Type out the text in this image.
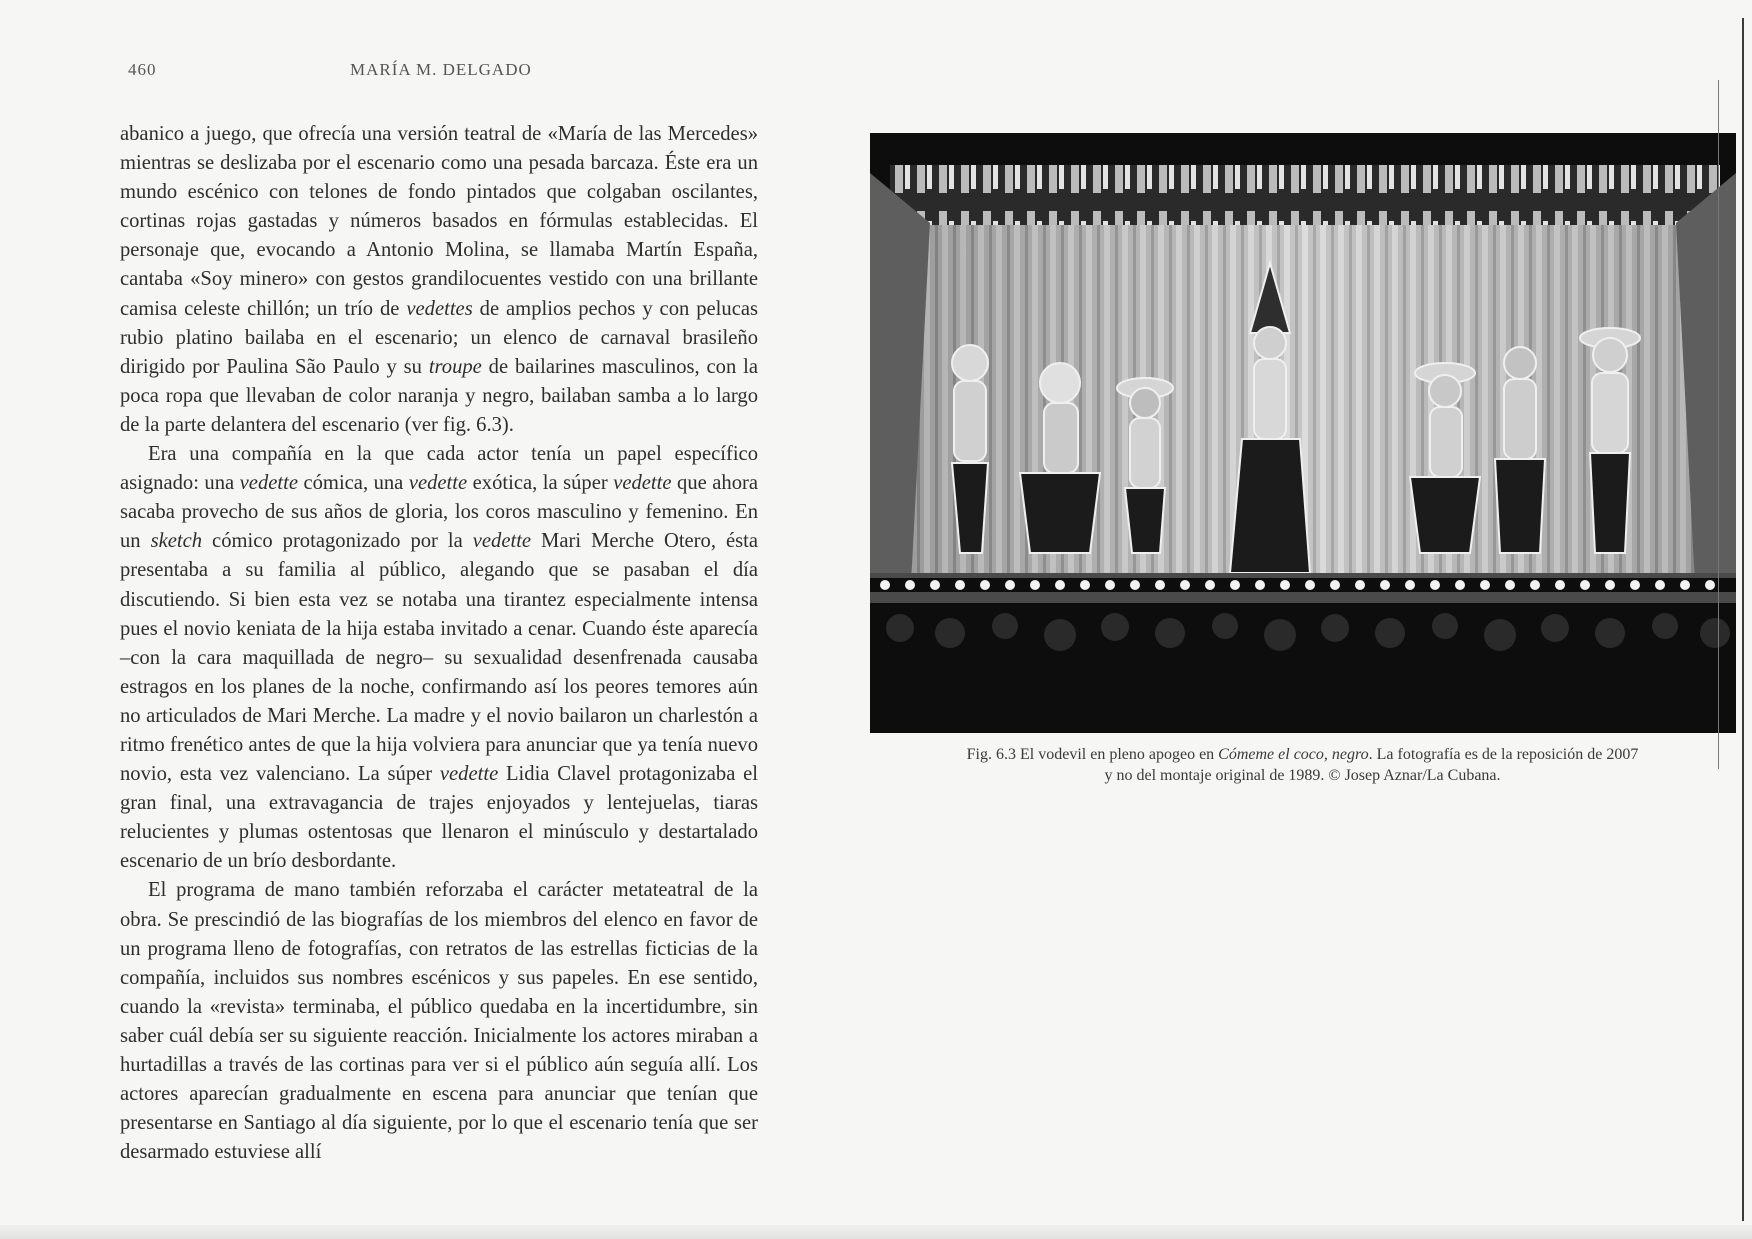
460	MARÍA M. DELGADO

abanico a juego, que ofrecía una versión teatral de «María de las Mercedes» mientras se deslizaba por el escenario como una pesada barcaza. Éste era un mundo escénico con telones de fondo pintados que colgaban oscilantes, cortinas rojas gastadas y números basados en fórmulas establecidas. El personaje que, evocando a Antonio Molina, se llamaba Martín España, cantaba «Soy minero» con gestos grandilocuentes vestido con una brillante camisa celeste chillón; un trío de vedettes de amplios pechos y con pelucas rubio platino bailaba en el escenario; un elenco de carnaval brasileño dirigido por Paulina São Paulo y su troupe de bailarines masculinos, con la poca ropa que llevaban de color naranja y negro, bailaban samba a lo largo de la parte delantera del escenario (ver fig. 6.3).

Era una compañía en la que cada actor tenía un papel específico asignado: una vedette cómica, una vedette exótica, la súper vedette que ahora sacaba provecho de sus años de gloria, los coros masculino y femenino. En un sketch cómico protagonizado por la vedette Mari Merche Otero, ésta presentaba a su familia al público, alegando que se pasaban el día discutiendo. Si bien esta vez se notaba una tirantez especialmente intensa pues el novio keniata de la hija estaba invitado a cenar. Cuando éste aparecía –con la cara maquillada de negro– su sexualidad desenfrenada causaba estragos en los planes de la noche, confirmando así los peores temores aún no articulados de Mari Merche. La madre y el novio bailaron un charlestón a ritmo frenético antes de que la hija volviera para anunciar que ya tenía nuevo novio, esta vez valenciano. La súper vedette Lidia Clavel protagonizaba el gran final, una extravagancia de trajes enjoyados y lentejuelas, tiaras relucientes y plumas ostentosas que llenaron el minúsculo y destartalado escenario de un brío desbordante.

El programa de mano también reforzaba el carácter metateatral de la obra. Se prescindió de las biografías de los miembros del elenco en favor de un programa lleno de fotografías, con retratos de las estrellas ficticias de la compañía, incluidos sus nombres escénicos y sus papeles. En ese sentido, cuando la «revista» terminaba, el público quedaba en la incertidumbre, sin saber cuál debía ser su siguiente reacción. Inicialmente los actores miraban a hurtadillas a través de las cortinas para ver si el público aún seguía allí. Los actores aparecían gradualmente en escena para anunciar que tenían que presentarse en Santiago al día siguiente, por lo que el escenario tenía que ser desarmado estuviese allí

Fig. 6.3 El vodevil en pleno apogeo en Cómeme el coco, negro. La fotografía es de la reposición de 2007 y no del montaje original de 1989. © Josep Aznar/La Cubana.
